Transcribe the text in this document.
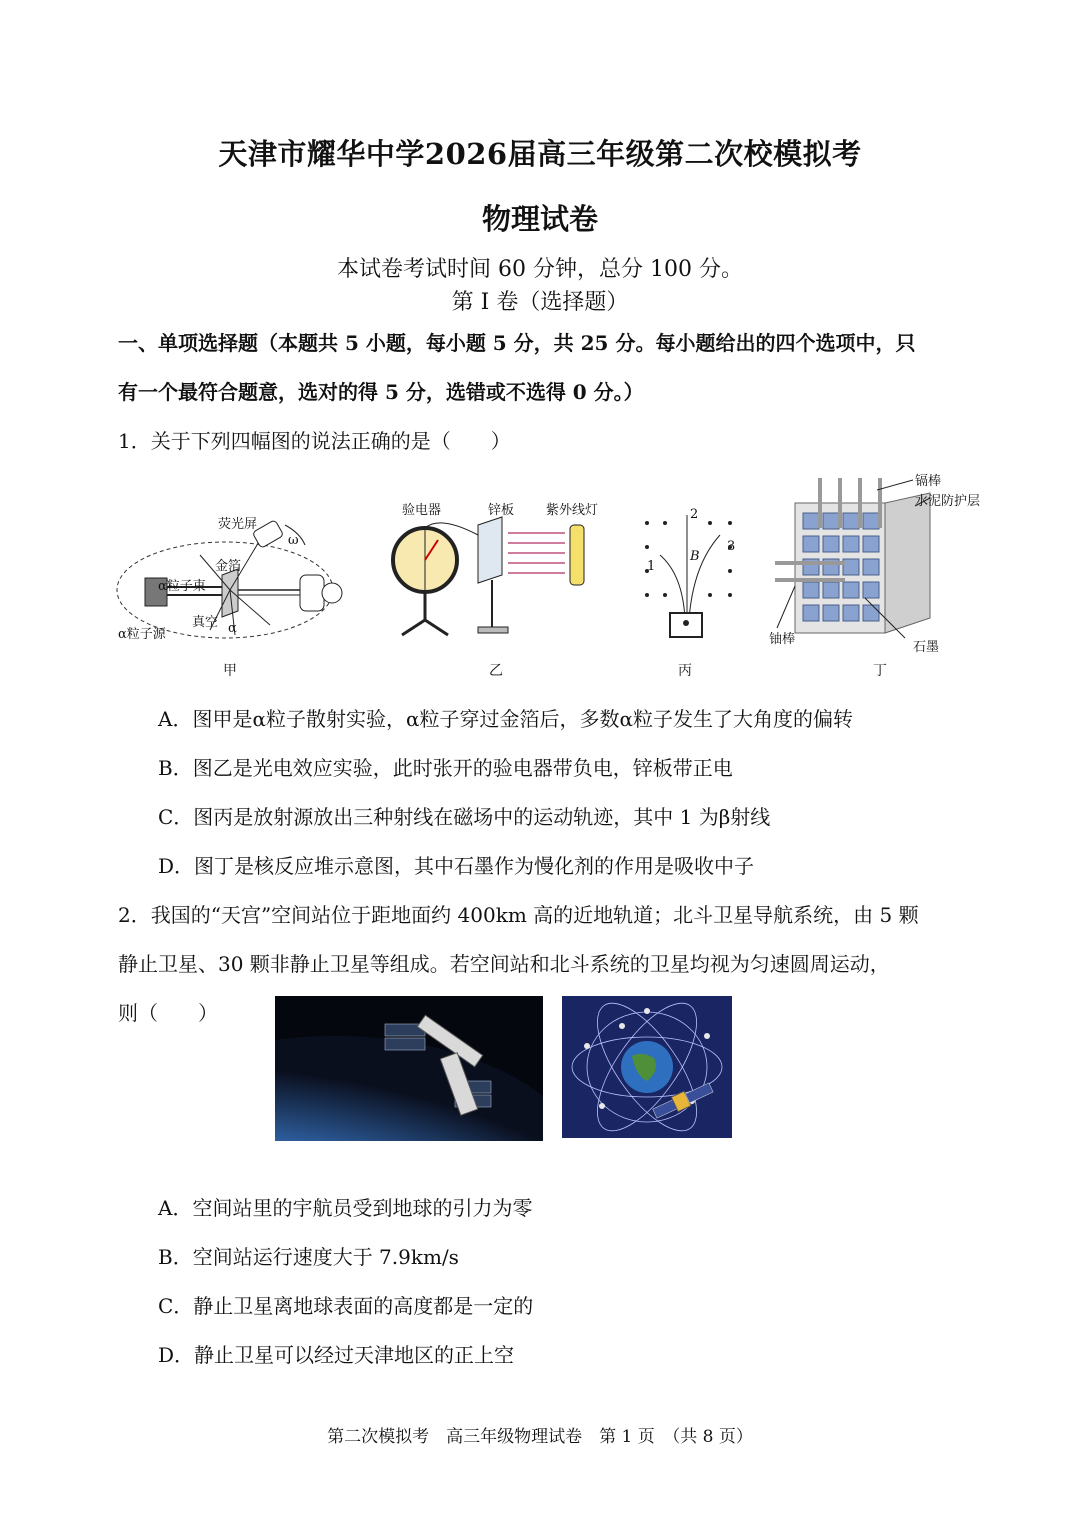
天津市耀华中学2026届高三年级第二次校模拟考
物理试卷
本试卷考试时间 60 分钟，总分 100 分。
第 I 卷（选择题）
一、单项选择题（本题共 5 小题，每小题 5 分，共 25 分。每小题给出的四个选项中，只
有一个最符合题意，选对的得 5 分，选错或不选得 0 分。）
1．关于下列四幅图的说法正确的是（　　）
荧光屏
金箔
α粒子束
α粒子源
真空 α
ω
甲
验电器	锌板 紫外线灯
乙
1
2
3
B
丙
镉棒
水泥防护层
铀棒
石墨
丁
A．图甲是α粒子散射实验，α粒子穿过金箔后，多数α粒子发生了大角度的偏转
B．图乙是光电效应实验，此时张开的验电器带负电，锌板带正电
C．图丙是放射源放出三种射线在磁场中的运动轨迹，其中 1 为β射线
D．图丁是核反应堆示意图，其中石墨作为慢化剂的作用是吸收中子
2．我国的“天宫”空间站位于距地面约 400km 高的近地轨道；北斗卫星导航系统，由 5 颗
静止卫星、30 颗非静止卫星等组成。若空间站和北斗系统的卫星均视为匀速圆周运动，
则（　　）
A．空间站里的宇航员受到地球的引力为零
B．空间站运行速度大于 7.9km/s
C．静止卫星离地球表面的高度都是一定的
D．静止卫星可以经过天津地区的正上空
第二次模拟考　高三年级物理试卷　第 1 页　（共 8 页）
